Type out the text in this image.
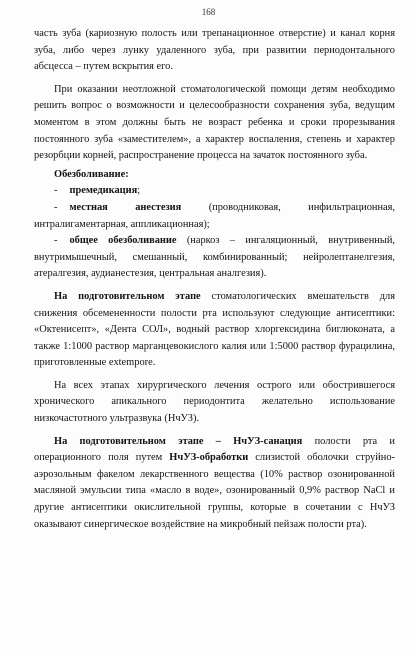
168

часть зуба (кариозную полость или трепанационное отверстие) и канал корня зуба, либо через лунку удаленного зуба, при развитии периодонтального абсцесса – путем вскрытия его.

При оказании неотложной стоматологической помощи детям необходимо решить вопрос о возможности и целесообразности сохранения зуба, ведущим моментом в этом должны быть не возраст ребенка и сроки прорезывания постоянного зуба «заместителем», а характер воспаления, степень и характер резорбции корней, распространение процесса на зачаток постоянного зуба.

Обезболивание:

- премедикация;

- местная анестезия (проводниковая, инфильтрационная, интралигаментарная, аппликационная);

- общее обезболивание (наркоз – ингаляционный, внутривенный, внутримышечный, смешанный, комбинированный; нейролептанелгезия, атералгезия, аудианестезия, центральная аналгезия).

На подготовительном этапе стоматологических вмешательств для снижения обсемененности полости рта используют следующие антисептики: «Октенисепт», «Дента СОЛ», водный раствор хлоргексидина биглюконата, а также 1:1000 раствор марганцевокислого калия или 1:5000 раствор фурацилина, приготовленные extempore.

На всех этапах хирургического лечения острого или обострившегося хронического апикального периодонтита желательно использование низкочастотного ультразвука (НчУЗ).

На подготовительном этапе – НчУЗ-санация полости рта и операционного поля путем НчУЗ-обработки слизистой оболочки струйно-аэрозольным факелом лекарственного вещества (10% раствор озонированной масляной эмульсии типа «масло в воде», озонированный 0,9% раствор NaCl и другие антисептики окислительной группы, которые в сочетании с НчУЗ оказывают синергическое воздействие на микробный пейзаж полости рта).
